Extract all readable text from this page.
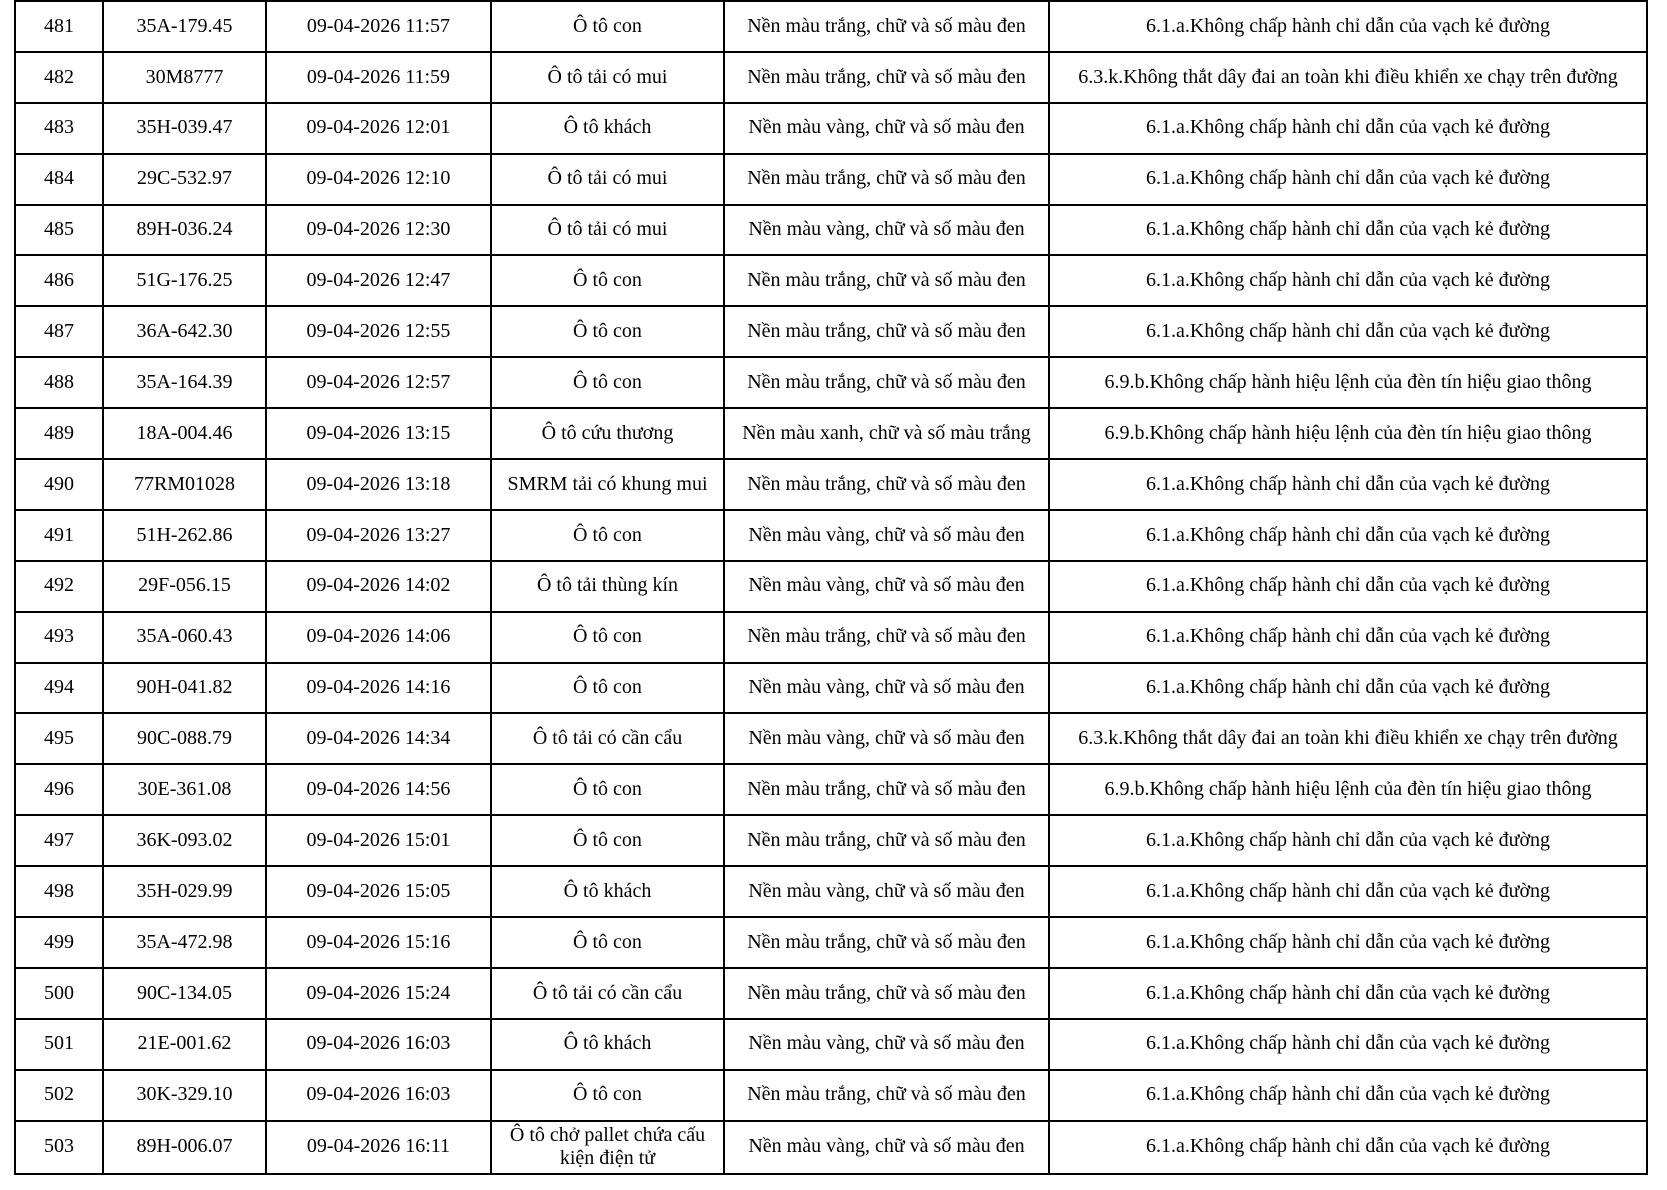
481	35A-179.45	09-04-2026 11:57	Ô tô con	Nền màu trắng, chữ và số màu đen	6.1.a.Không chấp hành chỉ dẫn của vạch kẻ đường
482	30M8777	09-04-2026 11:59	Ô tô tải có mui	Nền màu trắng, chữ và số màu đen	6.3.k.Không thắt dây đai an toàn khi điều khiển xe chạy trên đường
483	35H-039.47	09-04-2026 12:01	Ô tô khách	Nền màu vàng, chữ và số màu đen	6.1.a.Không chấp hành chỉ dẫn của vạch kẻ đường
484	29C-532.97	09-04-2026 12:10	Ô tô tải có mui	Nền màu trắng, chữ và số màu đen	6.1.a.Không chấp hành chỉ dẫn của vạch kẻ đường
485	89H-036.24	09-04-2026 12:30	Ô tô tải có mui	Nền màu vàng, chữ và số màu đen	6.1.a.Không chấp hành chỉ dẫn của vạch kẻ đường
486	51G-176.25	09-04-2026 12:47	Ô tô con	Nền màu trắng, chữ và số màu đen	6.1.a.Không chấp hành chỉ dẫn của vạch kẻ đường
487	36A-642.30	09-04-2026 12:55	Ô tô con	Nền màu trắng, chữ và số màu đen	6.1.a.Không chấp hành chỉ dẫn của vạch kẻ đường
488	35A-164.39	09-04-2026 12:57	Ô tô con	Nền màu trắng, chữ và số màu đen	6.9.b.Không chấp hành hiệu lệnh của đèn tín hiệu giao thông
489	18A-004.46	09-04-2026 13:15	Ô tô cứu thương	Nền màu xanh, chữ và số màu trắng	6.9.b.Không chấp hành hiệu lệnh của đèn tín hiệu giao thông
490	77RM01028	09-04-2026 13:18	SMRM tải có khung mui	Nền màu trắng, chữ và số màu đen	6.1.a.Không chấp hành chỉ dẫn của vạch kẻ đường
491	51H-262.86	09-04-2026 13:27	Ô tô con	Nền màu vàng, chữ và số màu đen	6.1.a.Không chấp hành chỉ dẫn của vạch kẻ đường
492	29F-056.15	09-04-2026 14:02	Ô tô tải thùng kín	Nền màu vàng, chữ và số màu đen	6.1.a.Không chấp hành chỉ dẫn của vạch kẻ đường
493	35A-060.43	09-04-2026 14:06	Ô tô con	Nền màu trắng, chữ và số màu đen	6.1.a.Không chấp hành chỉ dẫn của vạch kẻ đường
494	90H-041.82	09-04-2026 14:16	Ô tô con	Nền màu vàng, chữ và số màu đen	6.1.a.Không chấp hành chỉ dẫn của vạch kẻ đường
495	90C-088.79	09-04-2026 14:34	Ô tô tải có cần cẩu	Nền màu vàng, chữ và số màu đen	6.3.k.Không thắt dây đai an toàn khi điều khiển xe chạy trên đường
496	30E-361.08	09-04-2026 14:56	Ô tô con	Nền màu trắng, chữ và số màu đen	6.9.b.Không chấp hành hiệu lệnh của đèn tín hiệu giao thông
497	36K-093.02	09-04-2026 15:01	Ô tô con	Nền màu trắng, chữ và số màu đen	6.1.a.Không chấp hành chỉ dẫn của vạch kẻ đường
498	35H-029.99	09-04-2026 15:05	Ô tô khách	Nền màu vàng, chữ và số màu đen	6.1.a.Không chấp hành chỉ dẫn của vạch kẻ đường
499	35A-472.98	09-04-2026 15:16	Ô tô con	Nền màu trắng, chữ và số màu đen	6.1.a.Không chấp hành chỉ dẫn của vạch kẻ đường
500	90C-134.05	09-04-2026 15:24	Ô tô tải có cần cẩu	Nền màu trắng, chữ và số màu đen	6.1.a.Không chấp hành chỉ dẫn của vạch kẻ đường
501	21E-001.62	09-04-2026 16:03	Ô tô khách	Nền màu vàng, chữ và số màu đen	6.1.a.Không chấp hành chỉ dẫn của vạch kẻ đường
502	30K-329.10	09-04-2026 16:03	Ô tô con	Nền màu trắng, chữ và số màu đen	6.1.a.Không chấp hành chỉ dẫn của vạch kẻ đường
503	89H-006.07	09-04-2026 16:11	Ô tô chở pallet chứa cấu kiện điện tử	Nền màu vàng, chữ và số màu đen	6.1.a.Không chấp hành chỉ dẫn của vạch kẻ đường
